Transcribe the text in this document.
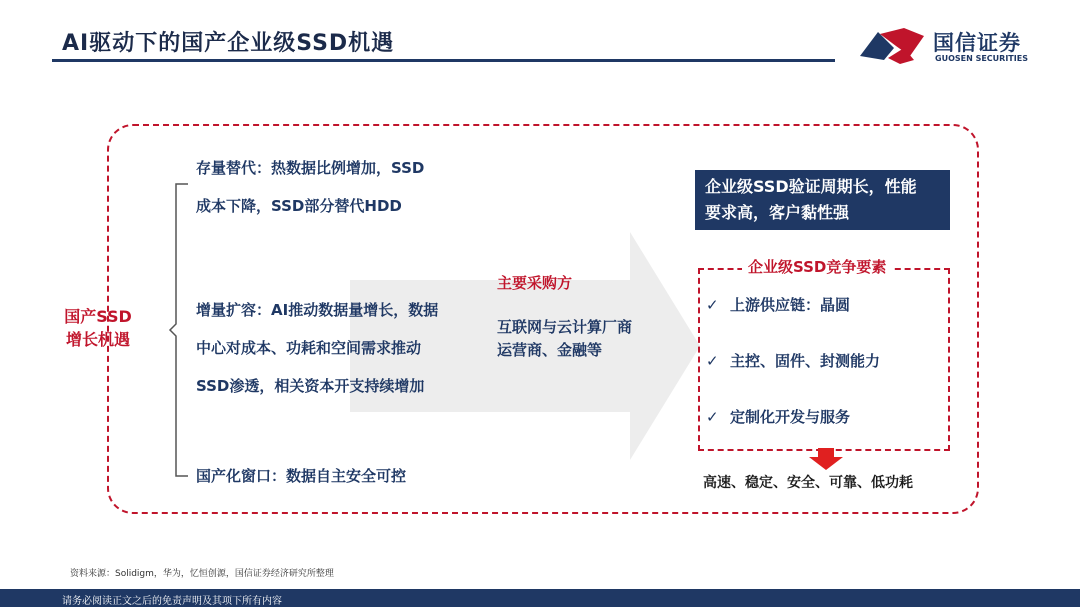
AI驱动下的国产企业级SSD机遇	国信证券
GUOSEN SECURITIES
国产SSD
增长机遇
存量替代：热数据比例增加，SSD
成本下降，SSD部分替代HDD
增量扩容：AI推动数据量增长，数据
中心对成本、功耗和空间需求推动
SSD渗透，相关资本开支持续增加
国产化窗口：数据自主安全可控
主要采购方
互联网与云计算厂商
运营商、金融等
企业级SSD验证周期长，性能
要求高，客户黏性强
企业级SSD竞争要素
✓ 上游供应链：晶圆
✓ 主控、固件、封测能力
✓ 定制化开发与服务
高速、稳定、安全、可靠、低功耗
资料来源：Solidigm，华为，忆恒创源，国信证券经济研究所整理
请务必阅读正文之后的免责声明及其项下所有内容
